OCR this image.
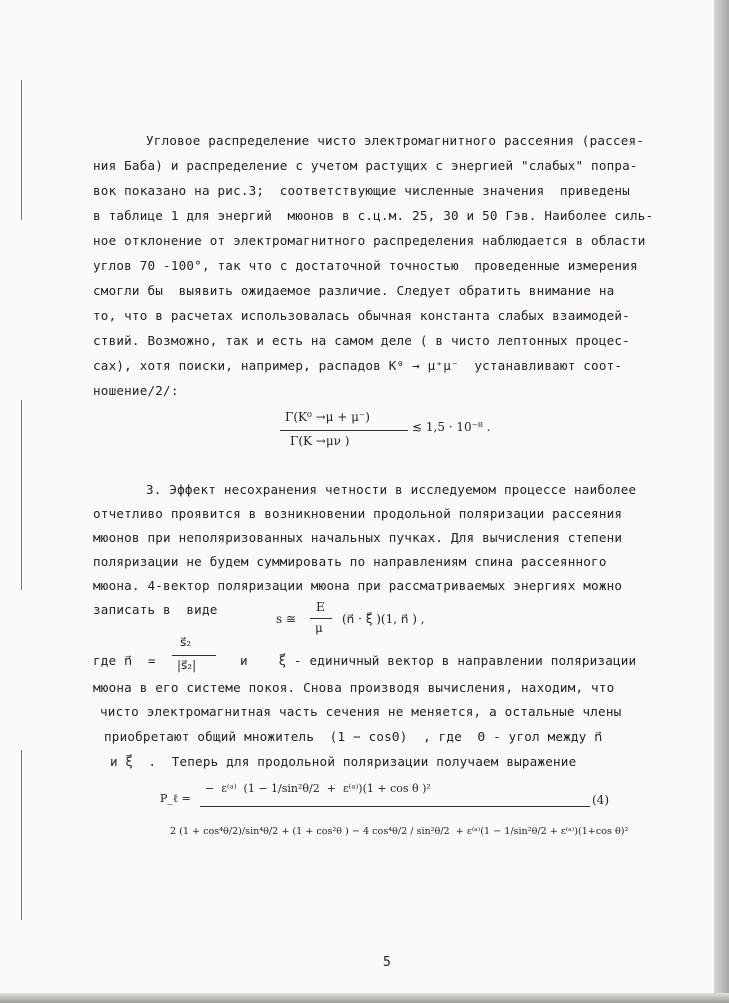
Угловое распределение чисто электромагнитного рассеяния (рассея-
ния Баба) и распределение с учетом растущих с энергией "слабых" попра-
вок показано на рис.3;  соответствующие численные значения  приведены
в таблице 1 для энергий  мюонов в с.ц.м. 25, 30 и 50 Гэв. Наиболее силь-
ное отклонение от электромагнитного распределения наблюдается в области
углов 70 -100°, так что с достаточной точностью  проведенные измерения
смогли бы  выявить ожидаемое различие. Следует обратить внимание на
то, что в расчетах использовалась обычная константа слабых взаимодей-
ствий. Возможно, так и есть на самом деле ( в чисто лептонных процес-
сах), хотя поиски, например, распадов K⁰ → μ⁺μ⁻  устанавливают соот-
ношение/2/:
Γ(K⁰ →μ + μ⁻)
Γ(K →μν )
≲ 1,5 · 10⁻⁸ .
3. Эффект несохранения четности в исследуемом процессе наиболее
отчетливо проявится в возникновении продольной поляризации рассеяния
мюонов при неполяризованных начальных пучках. Для вычисления степени
поляризации не будем суммировать по направлениям спина рассеянного
мюона. 4-вектор поляризации мюона при рассматриваемых энергиях можно
записать в  виде
s ≅
E
μ
(n⃗ · ξ⃗ )(1, n⃗ ) ,
где n⃗  =
s⃗₂
|s⃗₂|	и    ξ⃗ - единичный вектор в направлении поляризации
мюона в его системе покоя. Снова производя вычисления, находим, что
чисто электромагнитная часть сечения не меняется, а остальные члены
приобретают общий множитель  (1 − cosΘ)  , где  Θ - угол между n⃗
и ξ⃗  .  Теперь для продольной поляризации получаем выражение
P_ℓ =
−  ε⁽ᵃ⁾  (1 − 1/sin²θ/2  +  ε⁽ᵃ⁾)(1 + cos θ )²
(4)
2 (1 + cos⁴θ/2)/sin⁴θ/2 + (1 + cos²θ ) − 4 cos⁴θ/2 / sin²θ/2  + ε⁽ᵃ⁾(1 − 1/sin²θ/2 + ε⁽ᵃ⁾)(1+cos θ)²
5
